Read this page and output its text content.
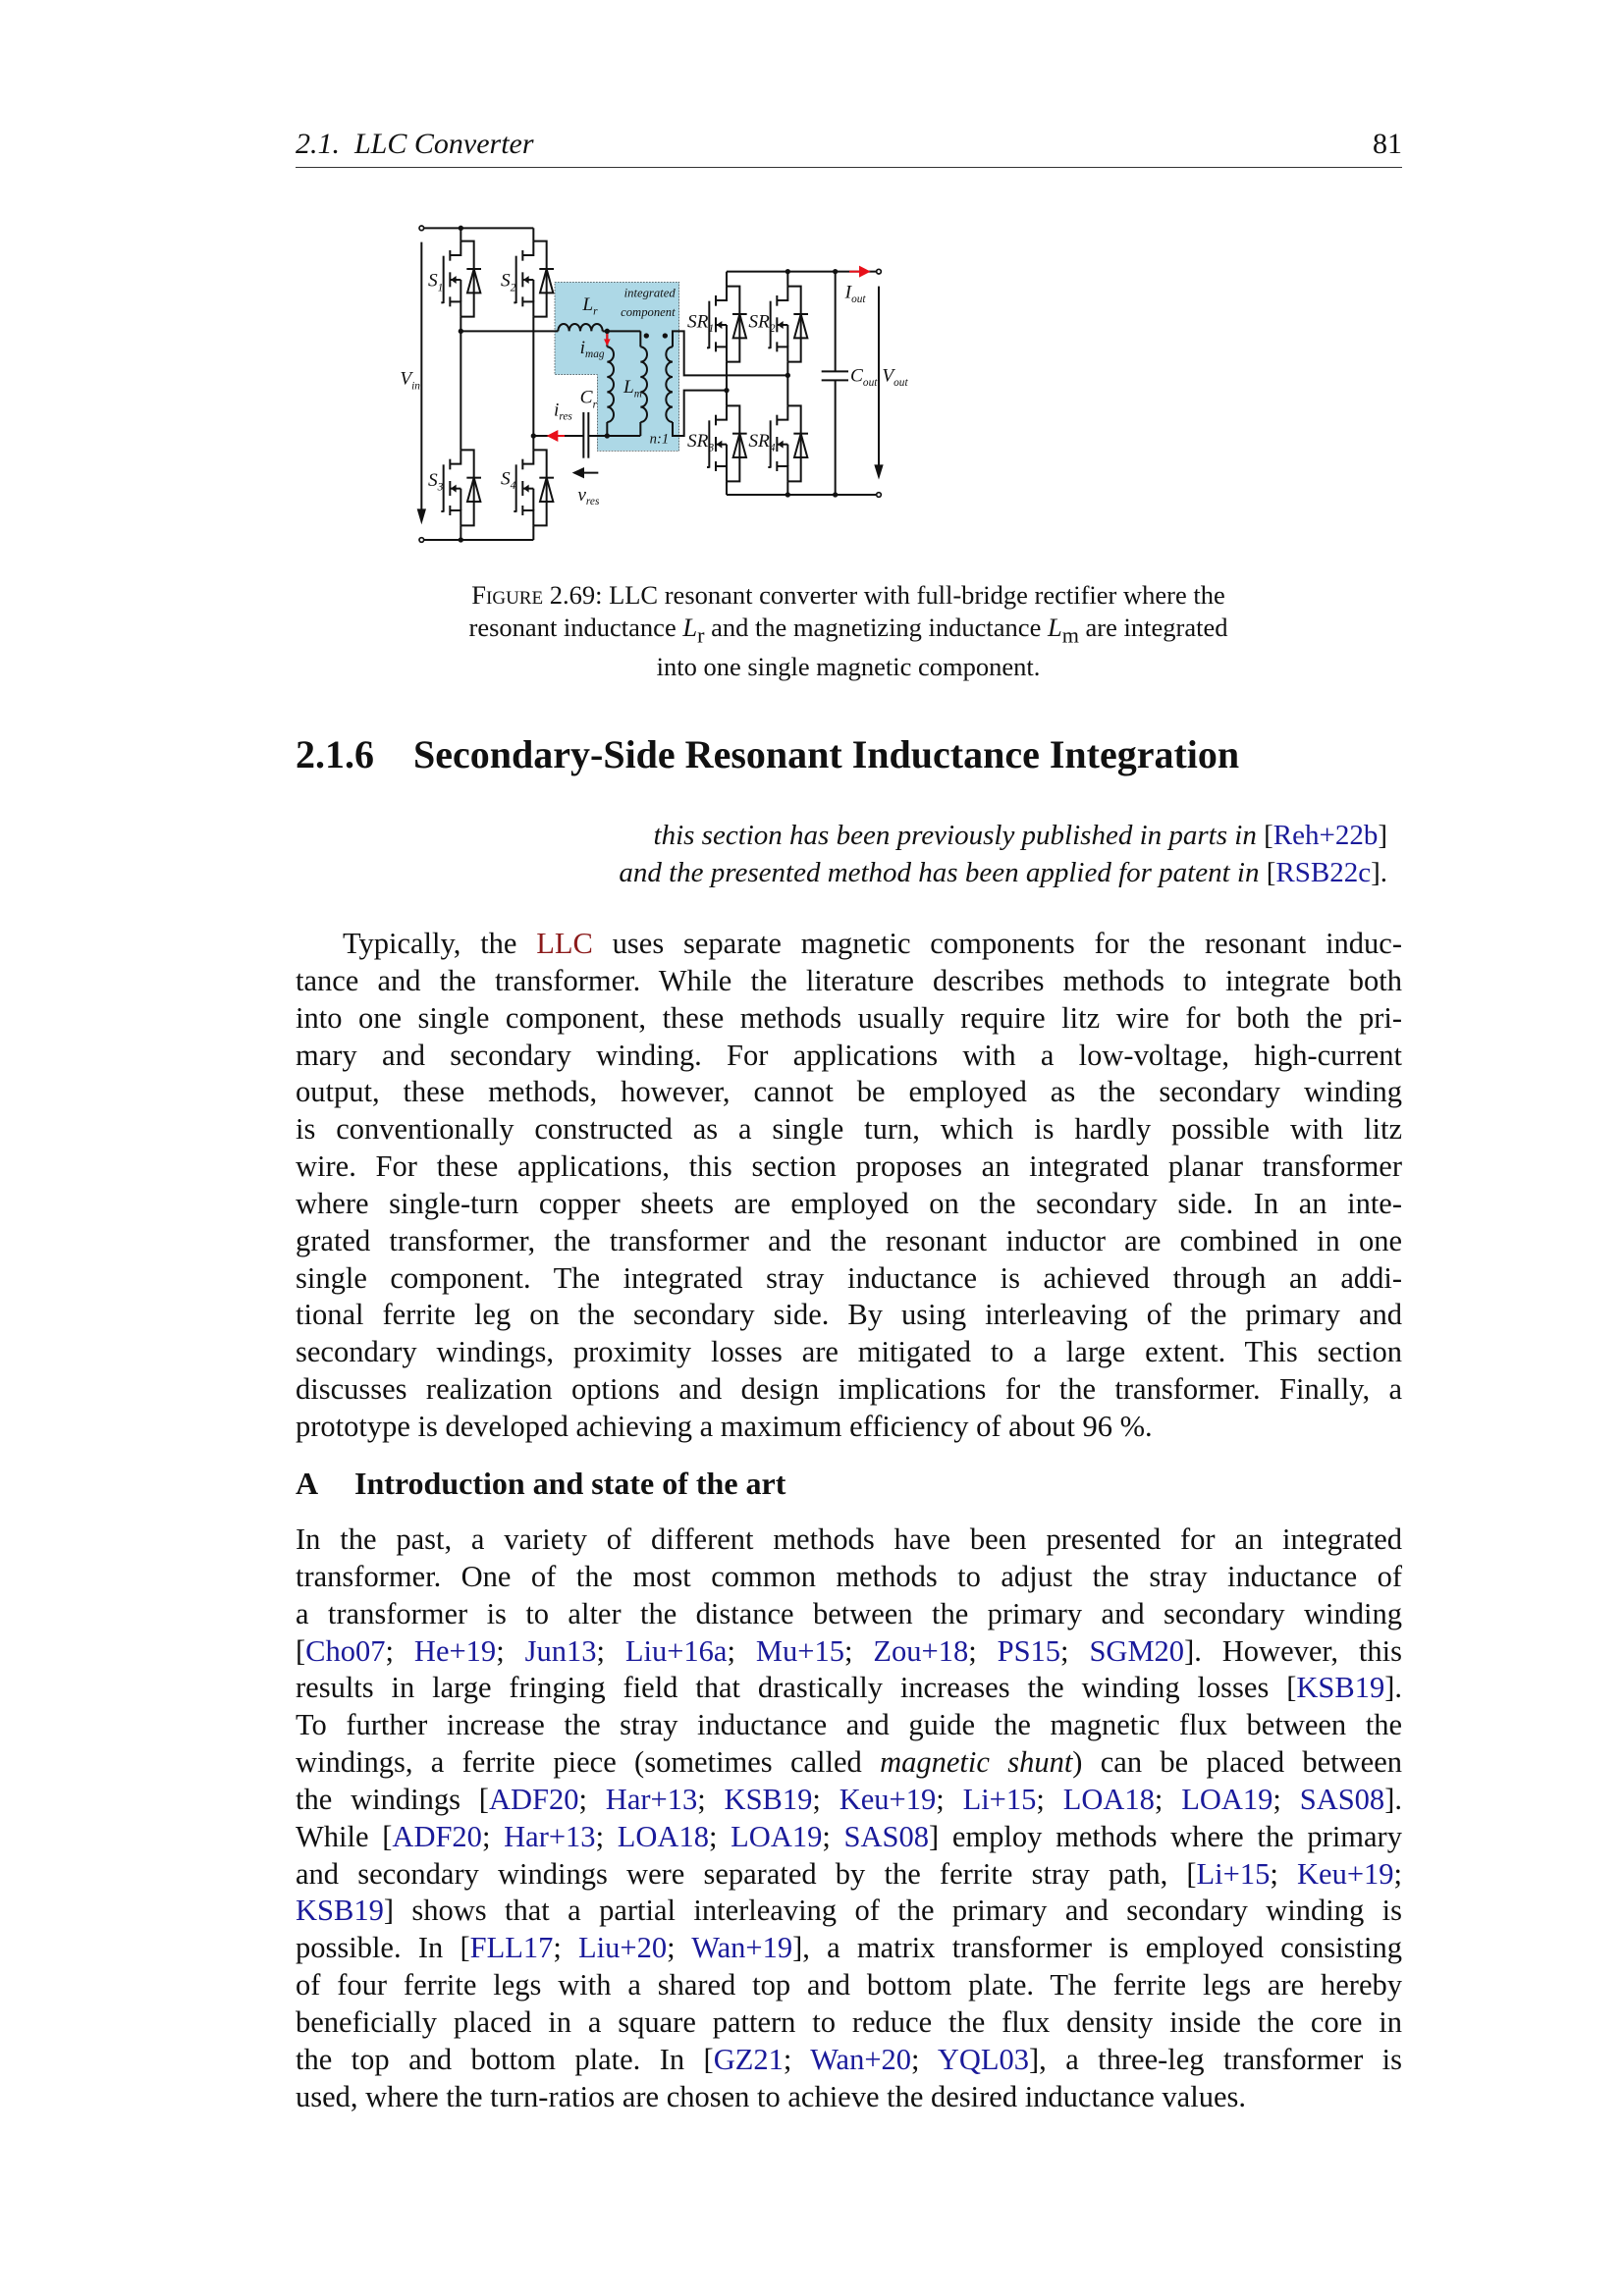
2.1. LLC Converter	81
$S_1$ $S_2$
$S_3$ $S_4$
$SR_1$ $SR_2$
$SR_3$ $SR_4$
$V_{in}$	$V_{out}$
$I_{out}$
$C_{out}$
$L_r$
$L_m$
$C_r$
$i_{mag}$
$i_{res}$
$v_{res}$
n:1
integrated
component
Figure 2.69: LLC resonant converter with full-bridge rectifier where the
resonant inductance $L_r$ and the magnetizing inductance $L_m$ are integrated
into one single magnetic component.
2.1.6 Secondary-Side Resonant Inductance Integration
this section has been previously published in parts in [Reh+22b]
and the presented method has been applied for patent in [RSB22c].
Typically, the LLC uses separate magnetic components for the resonant induc-
tance and the transformer. While the literature describes methods to integrate both
into one single component, these methods usually require litz wire for both the pri-
mary and secondary winding. For applications with a low-voltage, high-current
output, these methods, however, cannot be employed as the secondary winding
is conventionally constructed as a single turn, which is hardly possible with litz
wire. For these applications, this section proposes an integrated planar transformer
where single-turn copper sheets are employed on the secondary side. In an inte-
grated transformer, the transformer and the resonant inductor are combined in one
single component. The integrated stray inductance is achieved through an addi-
tional ferrite leg on the secondary side. By using interleaving of the primary and
secondary windings, proximity losses are mitigated to a large extent. This section
discusses realization options and design implications for the transformer. Finally, a
prototype is developed achieving a maximum efficiency of about 96 %.
A Introduction and state of the art
In the past, a variety of different methods have been presented for an integrated
transformer. One of the most common methods to adjust the stray inductance of
a transformer is to alter the distance between the primary and secondary winding
[Cho07; He+19; Jun13; Liu+16a; Mu+15; Zou+18; PS15; SGM20]. However, this
results in large fringing field that drastically increases the winding losses [KSB19].
To further increase the stray inductance and guide the magnetic flux between the
windings, a ferrite piece (sometimes called magnetic shunt) can be placed between
the windings [ADF20; Har+13; KSB19; Keu+19; Li+15; LOA18; LOA19; SAS08].
While [ADF20; Har+13; LOA18; LOA19; SAS08] employ methods where the primary
and secondary windings were separated by the ferrite stray path, [Li+15; Keu+19;
KSB19] shows that a partial interleaving of the primary and secondary winding is
possible. In [FLL17; Liu+20; Wan+19], a matrix transformer is employed consisting
of four ferrite legs with a shared top and bottom plate. The ferrite legs are hereby
beneficially placed in a square pattern to reduce the flux density inside the core in
the top and bottom plate. In [GZ21; Wan+20; YQL03], a three-leg transformer is
used, where the turn-ratios are chosen to achieve the desired inductance values.
